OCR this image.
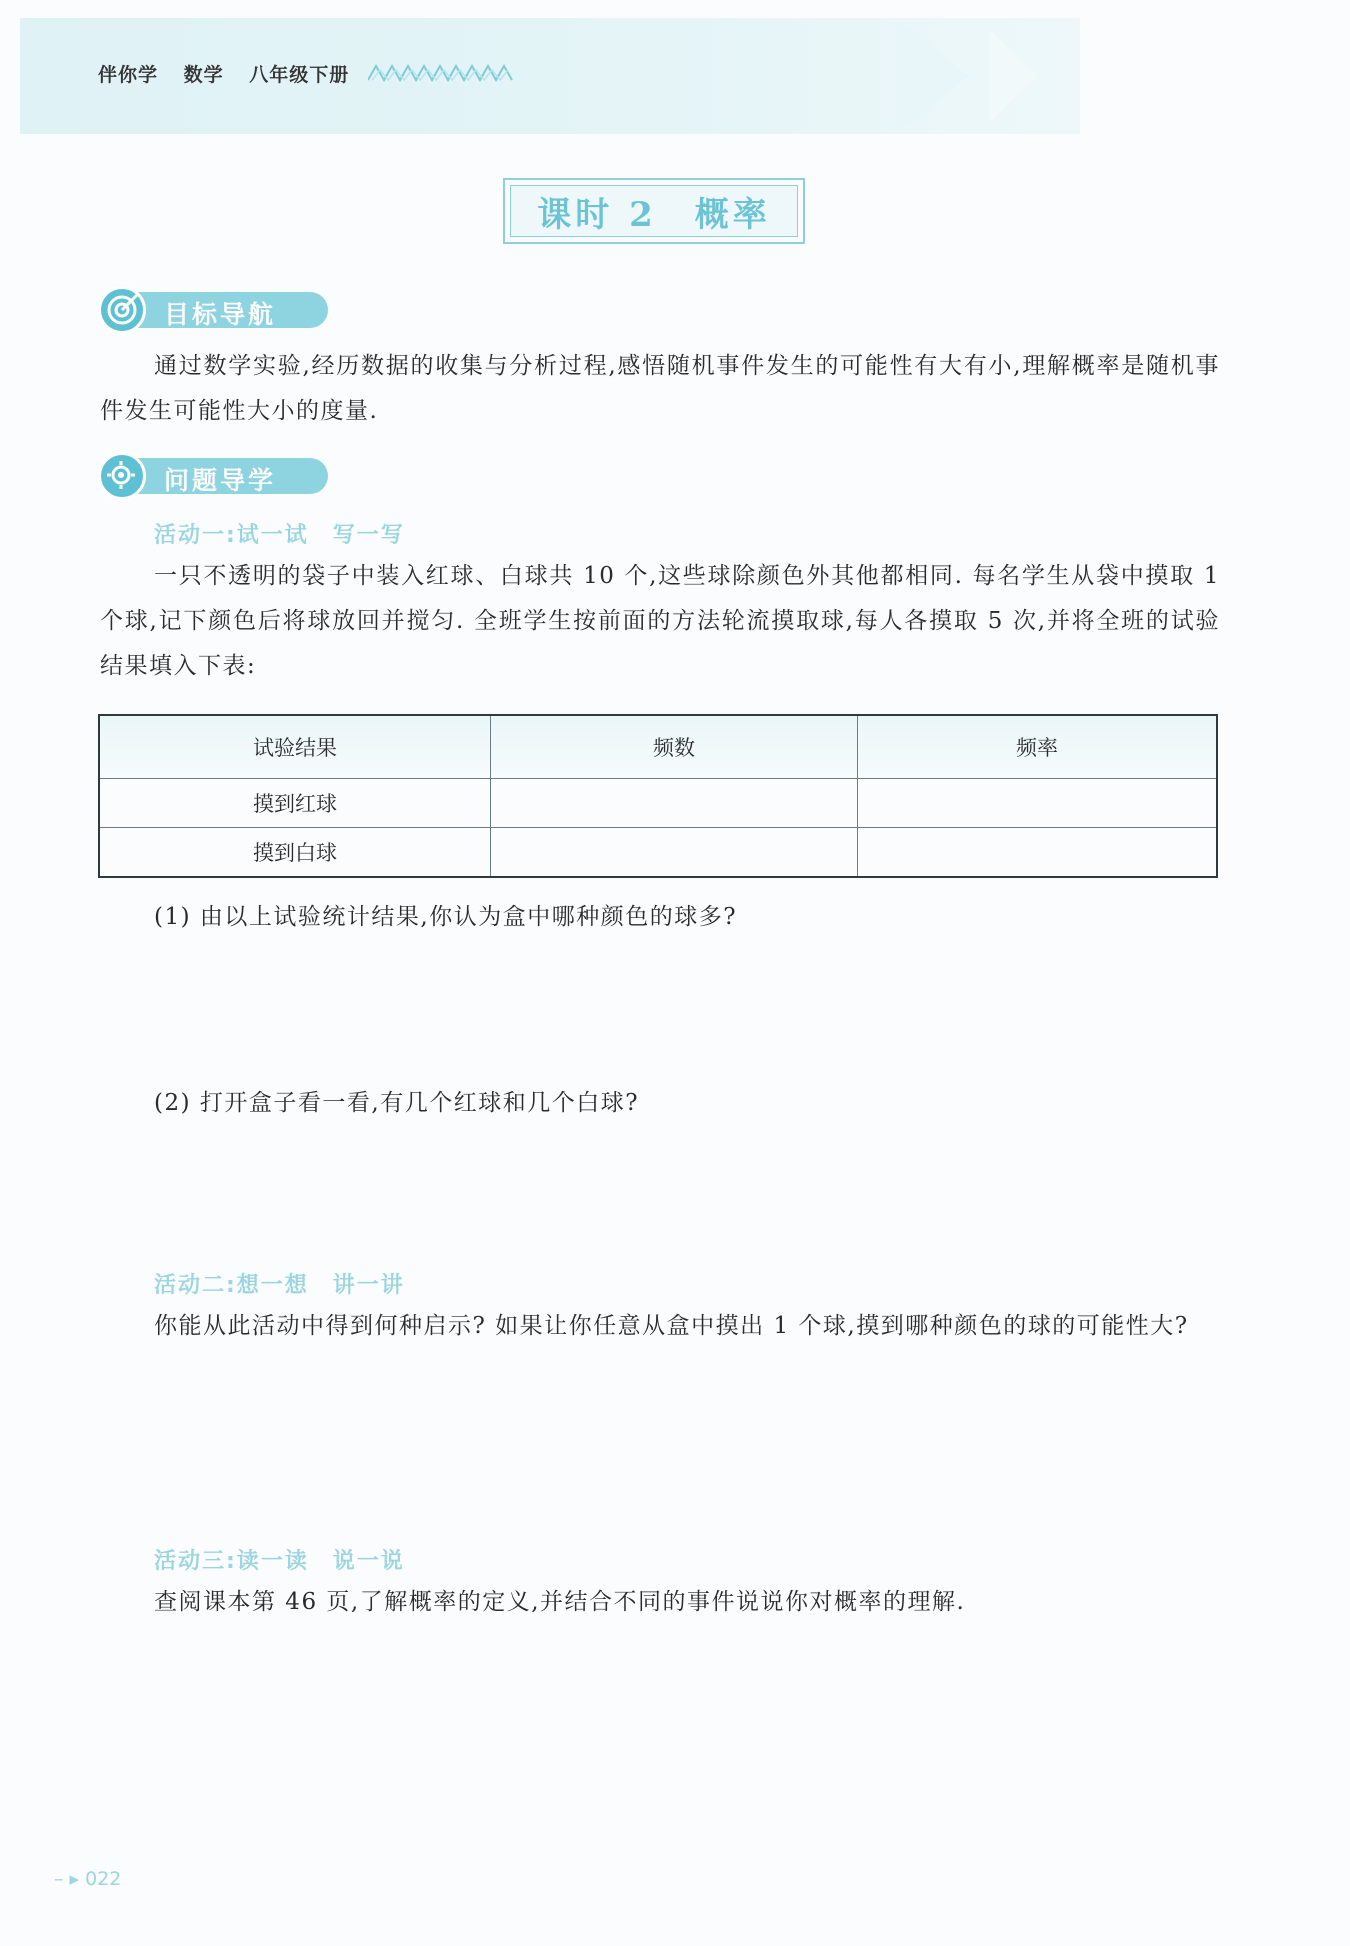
伴你学 数学 八年级下册
课时 2　概率
目标导航
通过数学实验,经历数据的收集与分析过程,感悟随机事件发生的可能性有大有小,理解概率是随机事件发生可能性大小的度量.
问题导学
活动一:试一试　写一写
一只不透明的袋子中装入红球、白球共 10 个,这些球除颜色外其他都相同. 每名学生从袋中摸取 1 个球,记下颜色后将球放回并搅匀. 全班学生按前面的方法轮流摸取球,每人各摸取 5 次,并将全班的试验结果填入下表:
试验结果	频数	频率
摸到红球		
摸到白球		
(1) 由以上试验统计结果,你认为盒中哪种颜色的球多?
(2) 打开盒子看一看,有几个红球和几个白球?
活动二:想一想　讲一讲
你能从此活动中得到何种启示? 如果让你任意从盒中摸出 1 个球,摸到哪种颜色的球的可能性大?
活动三:读一读　说一说
查阅课本第 46 页,了解概率的定义,并结合不同的事件说说你对概率的理解.
– ▸ 022
